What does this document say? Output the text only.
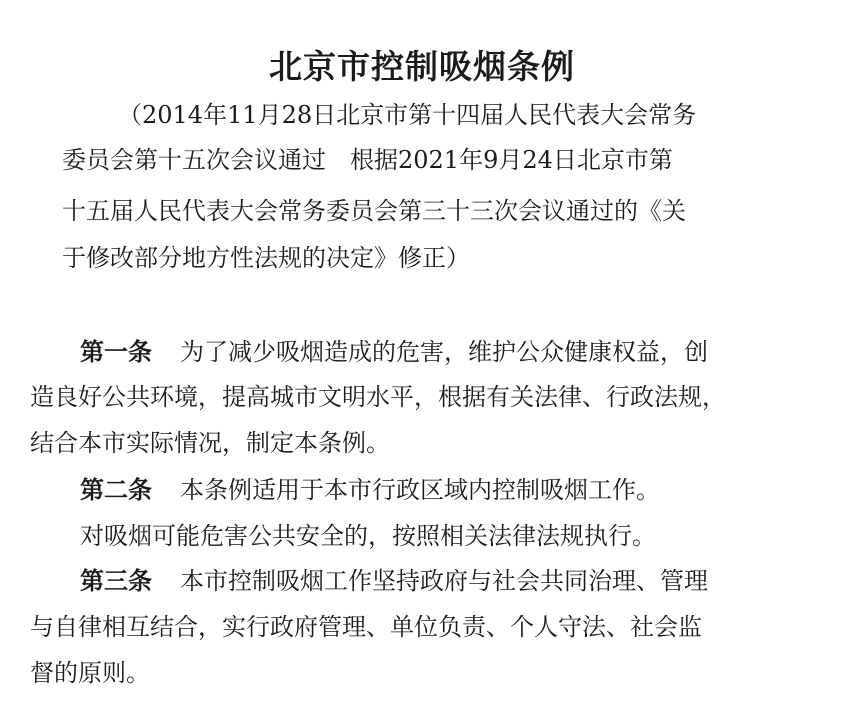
北京市控制吸烟条例
（2014年11月28日北京市第十四届人民代表大会常务
委员会第十五次会议通过　根据2021年9月24日北京市第
十五届人民代表大会常务委员会第三十三次会议通过的《关
于修改部分地方性法规的决定》修正）
第一条 为了减少吸烟造成的危害，维护公众健康权益，创
造良好公共环境，提高城市文明水平，根据有关法律、行政法规，
结合本市实际情况，制定本条例。
第二条 本条例适用于本市行政区域内控制吸烟工作。
对吸烟可能危害公共安全的，按照相关法律法规执行。
第三条 本市控制吸烟工作坚持政府与社会共同治理、管理
与自律相互结合，实行政府管理、单位负责、个人守法、社会监
督的原则。
